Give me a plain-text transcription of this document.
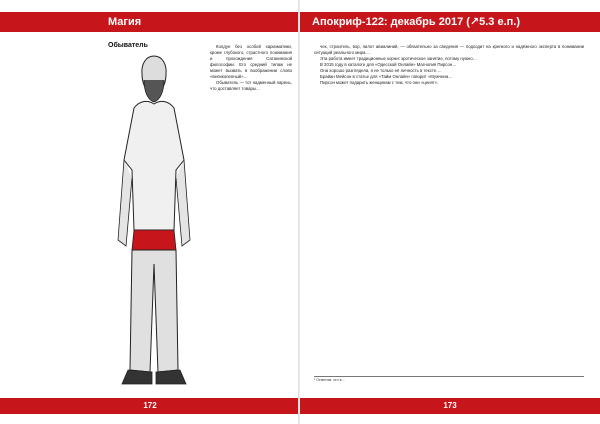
Магия
Обыватель	Колдун без особой харизматики, кроме глубокого, страстного понимания и прохождения Сатанинской философии. Его средний типаж не может вызвать в воображении слово «великолепный»…

Обыватель — тот надменный парень, что доставляет товары…

172
Апокриф-122: декабрь 2017 (↗5.3 е.п.)

чек, строитель, вор, пилот авиалиний, — обязательно за сведения — подходит на крепкого и надёжного эксперта в понимании ситуаций реального мира.…

Эта работа имеет традиционные корни: эротическое занятие, потому нужно…

В 2015 году в каталоге для «Одесской Онлайн» Магнолия Пирсон…

Она хорошо разглядела, я не только её личность в тексте.…

Брайан Мейсон в статье для «Тайм Онлайн» говорит «Мужчина…

Пирсон может подарить женщинам с тем, что они «ценят».

¹ Отметим, что в…
173
